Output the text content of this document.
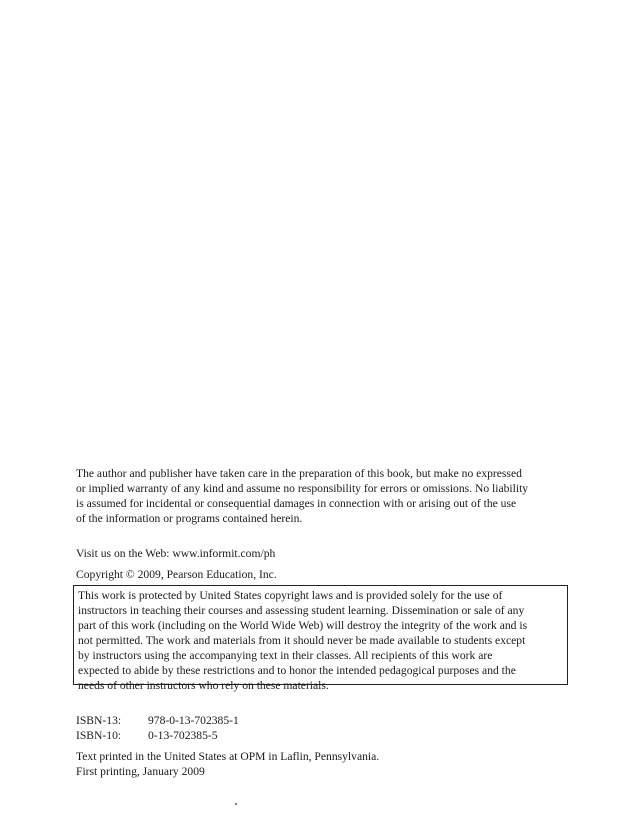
The author and publisher have taken care in the preparation of this book, but make no expressed
or implied warranty of any kind and assume no responsibility for errors or omissions. No liability
is assumed for incidental or consequential damages in connection with or arising out of the use
of the information or programs contained herein.
Visit us on the Web: www.informit.com/ph
Copyright © 2009, Pearson Education, Inc.
This work is protected by United States copyright laws and is provided solely for the use of
instructors in teaching their courses and assessing student learning. Dissemination or sale of any
part of this work (including on the World Wide Web) will destroy the integrity of the work and is
not permitted. The work and materials from it should never be made available to students except
by instructors using the accompanying text in their classes. All recipients of this work are
expected to abide by these restrictions and to honor the intended pedagogical purposes and the
needs of other instructors who rely on these materials.
ISBN-13:	978-0-13-702385-1
ISBN-10:	0-13-702385-5
Text printed in the United States at OPM in Laflin, Pennsylvania.
First printing, January 2009
